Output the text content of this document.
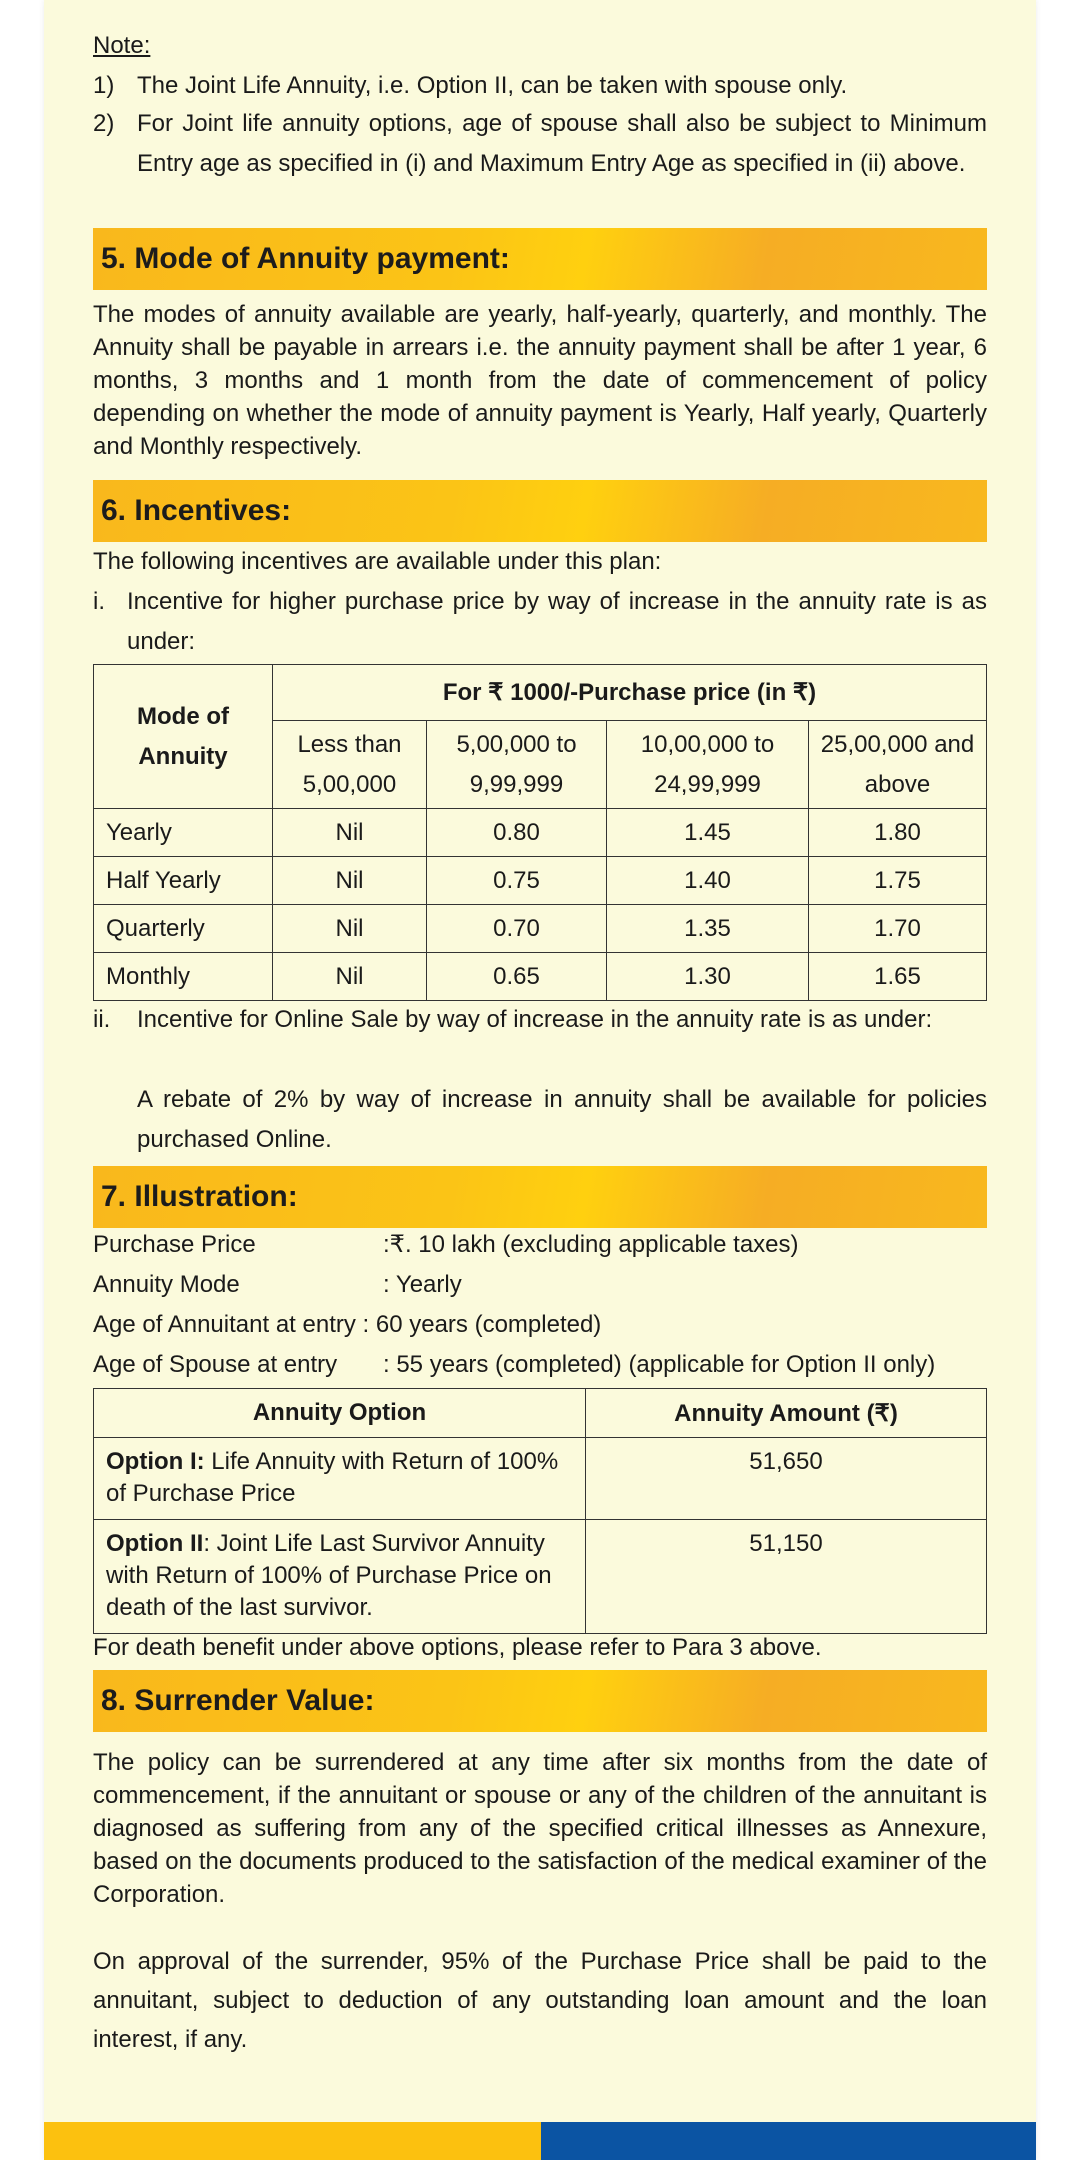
Note:
1) The Joint Life Annuity, i.e. Option II, can be taken with spouse only.
2) For Joint life annuity options, age of spouse shall also be subject to Minimum Entry age as specified in (i) and Maximum Entry Age as specified in (ii) above.
5. Mode of Annuity payment:
The modes of annuity available are yearly, half-yearly, quarterly, and monthly. The Annuity shall be payable in arrears i.e. the annuity payment shall be after 1 year, 6 months, 3 months and 1 month from the date of commencement of policy depending on whether the mode of annuity payment is Yearly, Half yearly, Quarterly and Monthly respectively.
6. Incentives:
The following incentives are available under this plan:
i. Incentive for higher purchase price by way of increase in the annuity rate is as under:
Mode of Annuity	For ₹ 1000/-Purchase price (in ₹)			
	Less than 5,00,000	5,00,000 to 9,99,999	10,00,000 to 24,99,999	25,00,000 and above
Yearly	Nil	0.80	1.45	1.80
Half Yearly	Nil	0.75	1.40	1.75
Quarterly	Nil	0.70	1.35	1.70
Monthly	Nil	0.65	1.30	1.65
ii. Incentive for Online Sale by way of increase in the annuity rate is as under:
A rebate of 2% by way of increase in annuity shall be available for policies purchased Online.
7. Illustration:
Purchase Price	:₹. 10 lakh (excluding applicable taxes)
Annuity Mode	: Yearly
Age of Annuitant at entry : 60 years (completed)
Age of Spouse at entry : 55 years (completed) (applicable for Option II only)
Annuity Option	Annuity Amount (₹)
Option I: Life Annuity with Return of 100% of Purchase Price	51,650
Option II: Joint Life Last Survivor Annuity with Return of 100% of Purchase Price on death of the last survivor.	51,150
For death benefit under above options, please refer to Para 3 above.
8. Surrender Value:
The policy can be surrendered at any time after six months from the date of commencement, if the annuitant or spouse or any of the children of the annuitant is diagnosed as suffering from any of the specified critical illnesses as Annexure, based on the documents produced to the satisfaction of the medical examiner of the Corporation.
On approval of the surrender, 95% of the Purchase Price shall be paid to the annuitant, subject to deduction of any outstanding loan amount and the loan interest, if any.
